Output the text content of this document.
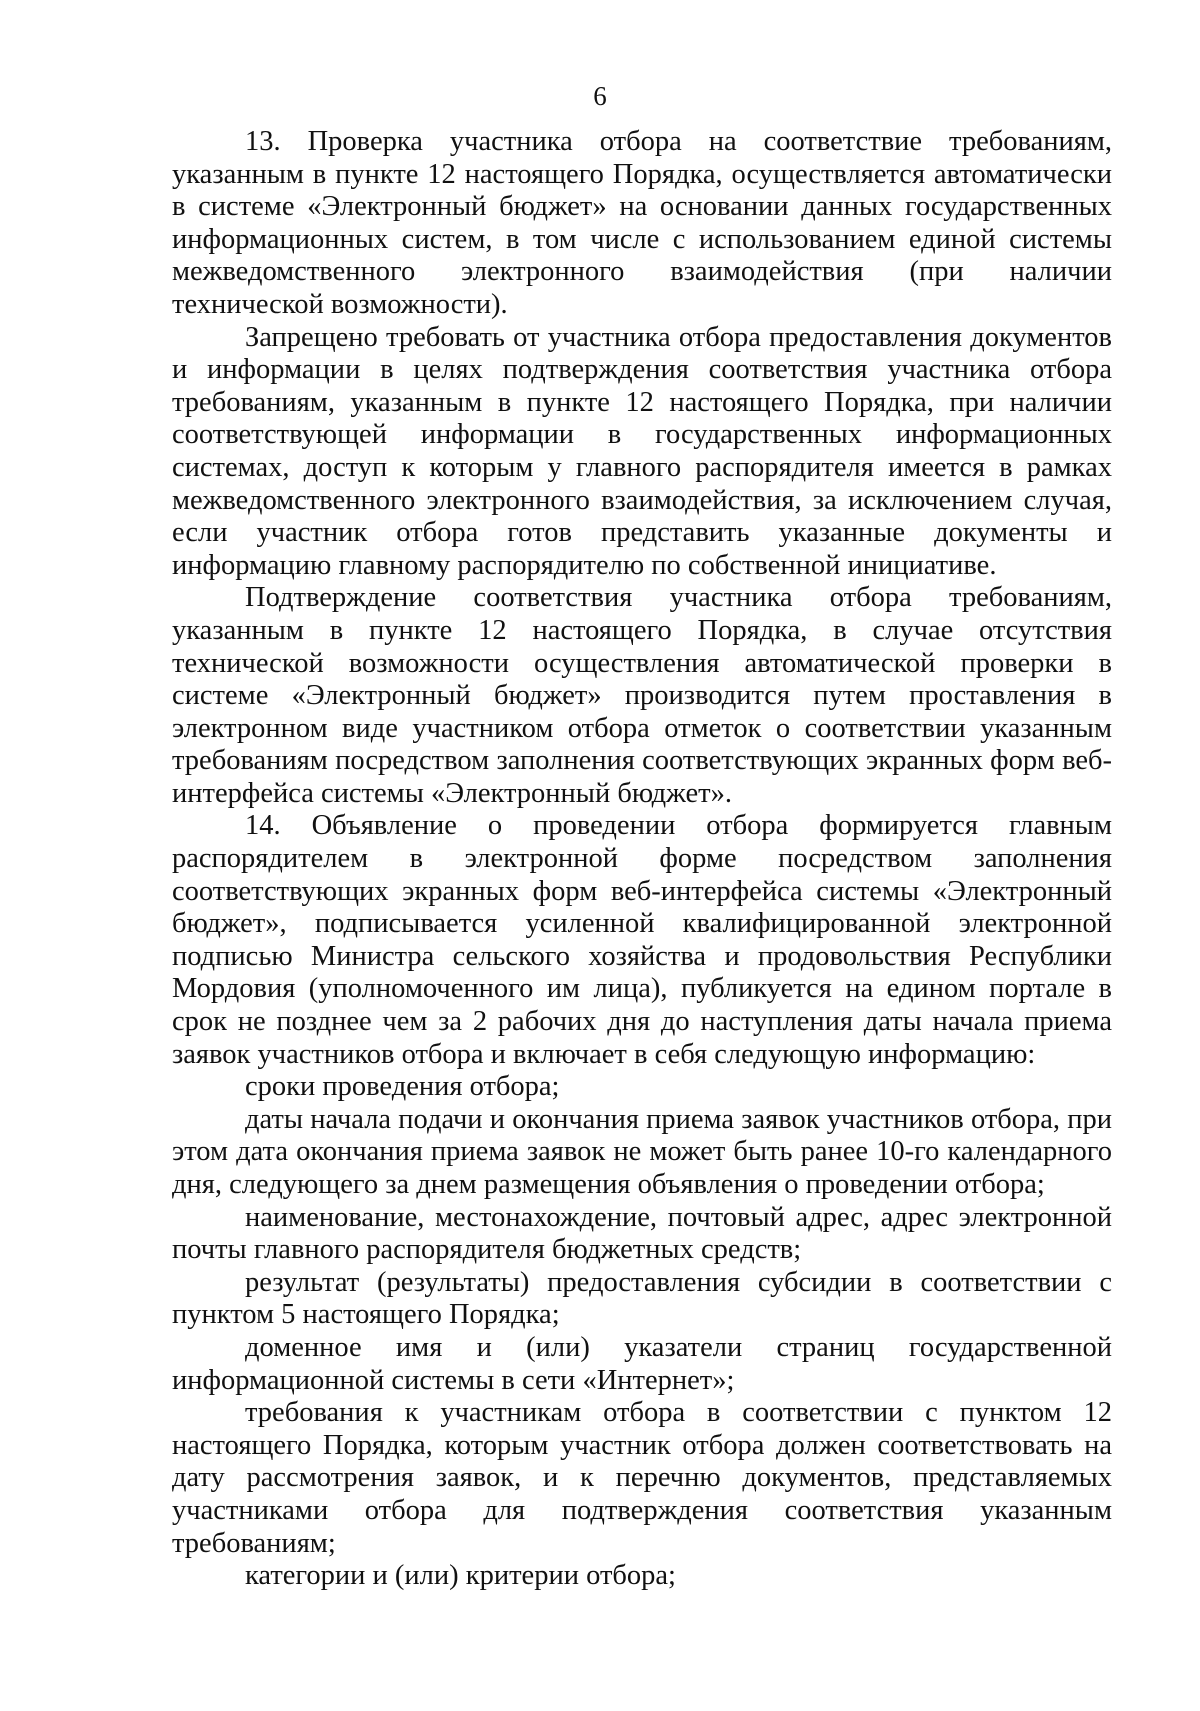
6

13. Проверка участника отбора на соответствие требованиям, указанным в пункте 12 настоящего Порядка, осуществляется автоматически в системе «Электронный бюджет» на основании данных государственных информационных систем, в том числе с использованием единой системы межведомственного электронного взаимодействия (при наличии технической возможности).

Запрещено требовать от участника отбора предоставления документов и информации в целях подтверждения соответствия участника отбора требованиям, указанным в пункте 12 настоящего Порядка, при наличии соответствующей информации в государственных информационных системах, доступ к которым у главного распорядителя имеется в рамках межведомственного электронного взаимодействия, за исключением случая, если участник отбора готов представить указанные документы и информацию главному распорядителю по собственной инициативе.

Подтверждение соответствия участника отбора требованиям, указанным в пункте 12 настоящего Порядка, в случае отсутствия технической возможности осуществления автоматической проверки в системе «Электронный бюджет» производится путем проставления в электронном виде участником отбора отметок о соответствии указанным требованиям посредством заполнения соответствующих экранных форм веб-интерфейса системы «Электронный бюджет».

14. Объявление о проведении отбора формируется главным распорядителем в электронной форме посредством заполнения соответствующих экранных форм веб-интерфейса системы «Электронный бюджет», подписывается усиленной квалифицированной электронной подписью Министра сельского хозяйства и продовольствия Республики Мордовия (уполномоченного им лица), публикуется на едином портале в срок не позднее чем за 2 рабочих дня до наступления даты начала приема заявок участников отбора и включает в себя следующую информацию:

сроки проведения отбора;

даты начала подачи и окончания приема заявок участников отбора, при этом дата окончания приема заявок не может быть ранее 10-го календарного дня, следующего за днем размещения объявления о проведении отбора;

наименование, местонахождение, почтовый адрес, адрес электронной почты главного распорядителя бюджетных средств;

результат (результаты) предоставления субсидии в соответствии с пунктом 5 настоящего Порядка;

доменное имя и (или) указатели страниц государственной информационной системы в сети «Интернет»;

требования к участникам отбора в соответствии с пунктом 12 настоящего Порядка, которым участник отбора должен соответствовать на дату рассмотрения заявок, и к перечню документов, представляемых участниками отбора для подтверждения соответствия указанным требованиям;

категории и (или) критерии отбора;
